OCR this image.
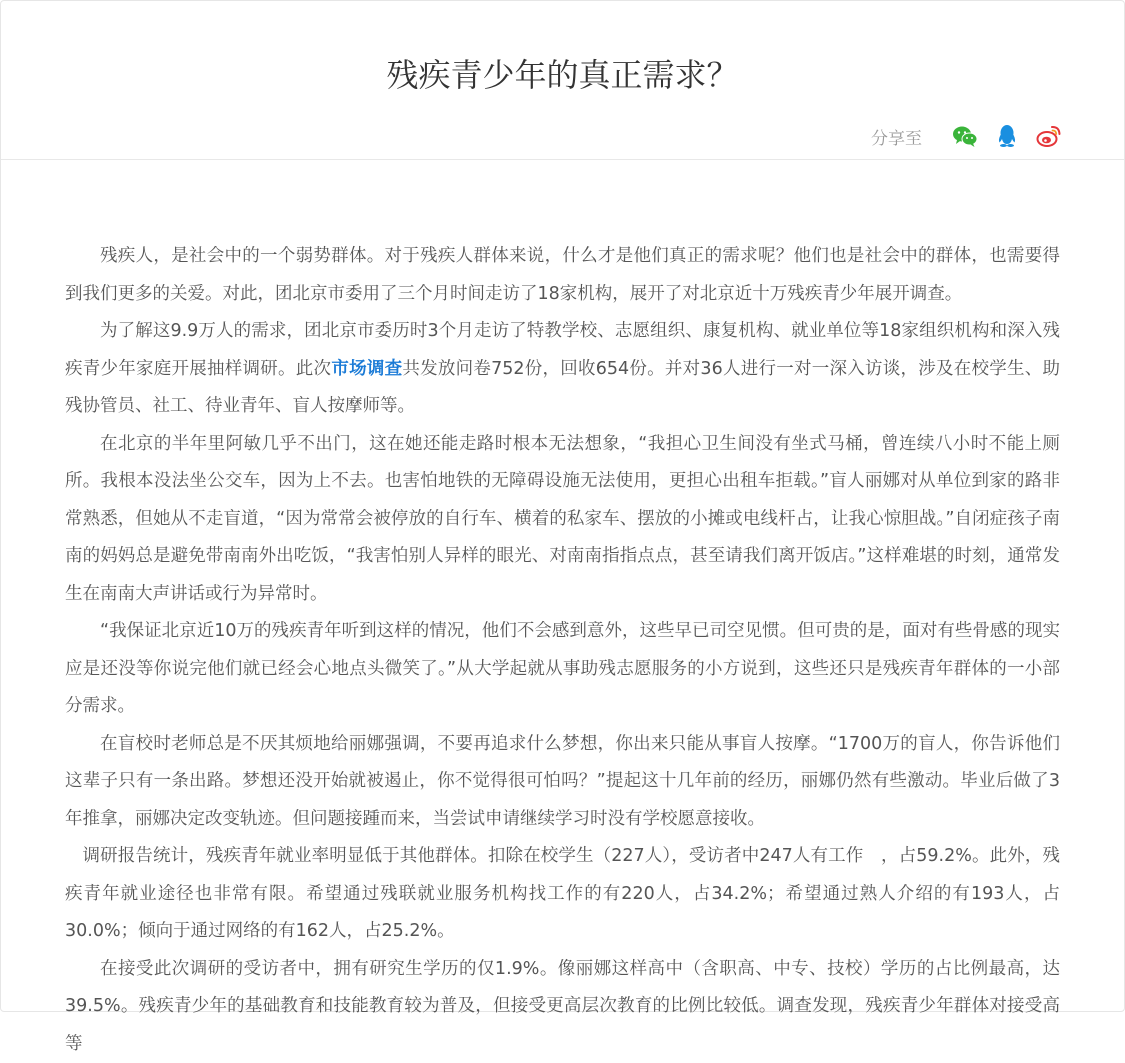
残疾青少年的真正需求？
分享至

残疾人，是社会中的一个弱势群体。对于残疾人群体来说，什么才是他们真正的需求呢？他们也是社会中的群体，也需要得到我们更多的关爱。对此，团北京市委用了三个月时间走访了18家机构，展开了对北京近十万残疾青少年展开调查。

为了解这9.9万人的需求，团北京市委历时3个月走访了特教学校、志愿组织、康复机构、就业单位等18家组织机构和深入残疾青少年家庭开展抽样调研。此次市场调查共发放问卷752份，回收654份。并对36人进行一对一深入访谈，涉及在校学生、助残协管员、社工、待业青年、盲人按摩师等。

在北京的半年里阿敏几乎不出门，这在她还能走路时根本无法想象，“我担心卫生间没有坐式马桶，曾连续八小时不能上厕所。我根本没法坐公交车，因为上不去。也害怕地铁的无障碍设施无法使用，更担心出租车拒载。”盲人丽娜对从单位到家的路非常熟悉，但她从不走盲道，“因为常常会被停放的自行车、横着的私家车、摆放的小摊或电线杆占，让我心惊胆战。”自闭症孩子南南的妈妈总是避免带南南外出吃饭，“我害怕别人异样的眼光、对南南指指点点，甚至请我们离开饭店。”这样难堪的时刻，通常发生在南南大声讲话或行为异常时。

“我保证北京近10万的残疾青年听到这样的情况，他们不会感到意外，这些早已司空见惯。但可贵的是，面对有些骨感的现实应是还没等你说完他们就已经会心地点头微笑了。”从大学起就从事助残志愿服务的小方说到，这些还只是残疾青年群体的一小部分需求。

在盲校时老师总是不厌其烦地给丽娜强调，不要再追求什么梦想，你出来只能从事盲人按摩。“1700万的盲人，你告诉他们这辈子只有一条出路。梦想还没开始就被遏止，你不觉得很可怕吗？”提起这十几年前的经历，丽娜仍然有些激动。毕业后做了3年推拿，丽娜决定改变轨迹。但问题接踵而来，当尝试申请继续学习时没有学校愿意接收。

调研报告统计，残疾青年就业率明显低于其他群体。扣除在校学生（227人），受访者中247人有工作　，占59.2%。此外，残疾青年就业途径也非常有限。希望通过残联就业服务机构找工作的有220人，占34.2%；希望通过熟人介绍的有193人，占30.0%；倾向于通过网络的有162人，占25.2%。

在接受此次调研的受访者中，拥有研究生学历的仅1.9%。像丽娜这样高中（含职高、中专、技校）学历的占比例最高，达39.5%。残疾青少年的基础教育和技能教育较为普及，但接受更高层次教育的比例比较低。调查发现，残疾青少年群体对接受高等
